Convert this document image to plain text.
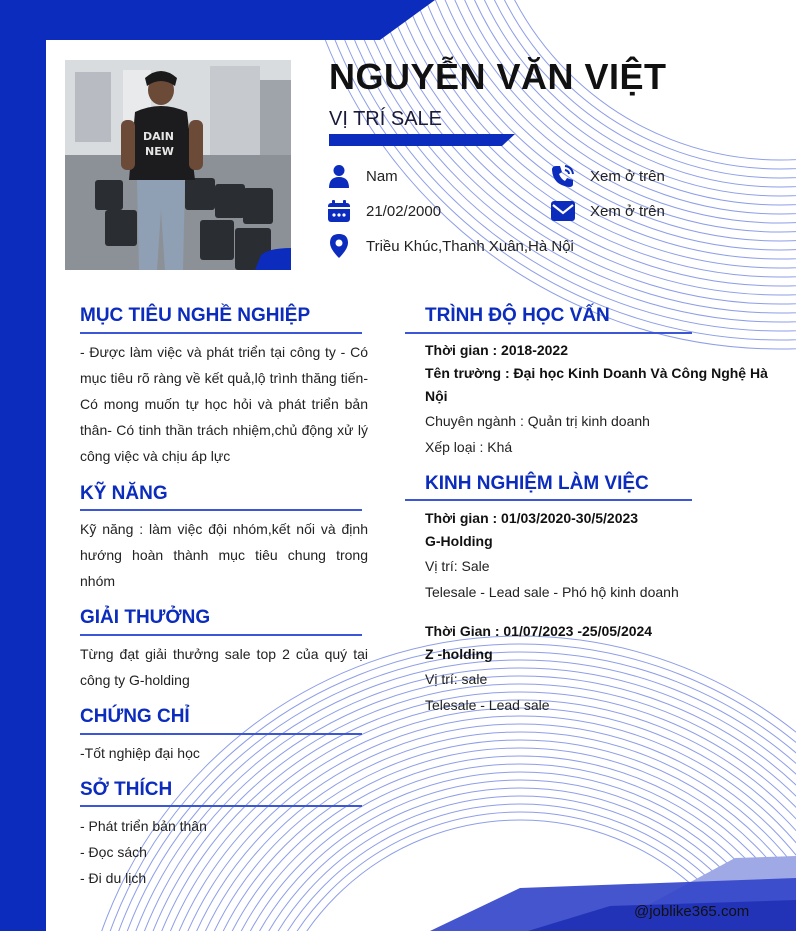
DAIN
NEW
NGUYỄN VĂN VIỆT
VỊ TRÍ SALE
Nam	Xem ở trên
21/02/2000	Xem ở trên
Triều Khúc,Thanh Xuân,Hà Nội
MỤC TIÊU NGHỀ NGHIỆP
- Được làm việc và phát triển tại công ty - Có mục tiêu rõ ràng về kết quả,lộ trình thăng tiến- Có mong muốn tự học hỏi và phát triển bản thân- Có tinh thần trách nhiệm,chủ động xử lý công việc và chịu áp lực
KỸ NĂNG
Kỹ năng : làm việc đội nhóm,kết nối và định hướng hoàn thành mục tiêu chung trong nhóm
GIẢI THƯỞNG
Từng đạt giải thưởng sale top 2 của quý tại công ty G-holding
CHỨNG CHỈ
-Tốt nghiệp đại học
SỞ THÍCH
- Phát triển bản thân
- Đọc sách
- Đi du lịch
TRÌNH ĐỘ HỌC VẤN
Thời gian : 2018-2022
Tên trường : Đại học Kinh Doanh Và Công Nghệ Hà
Nội
Chuyên ngành : Quản trị kinh doanh
Xếp loại : Khá
KINH NGHIỆM LÀM VIỆC
Thời gian : 01/03/2020-30/5/2023
G-Holding
Vị trí: Sale
Telesale - Lead sale - Phó hộ kinh doanh
Thời Gian : 01/07/2023 -25/05/2024
Z -holding
Vị trí: sale
Telesale - Lead sale
@joblike365.com
